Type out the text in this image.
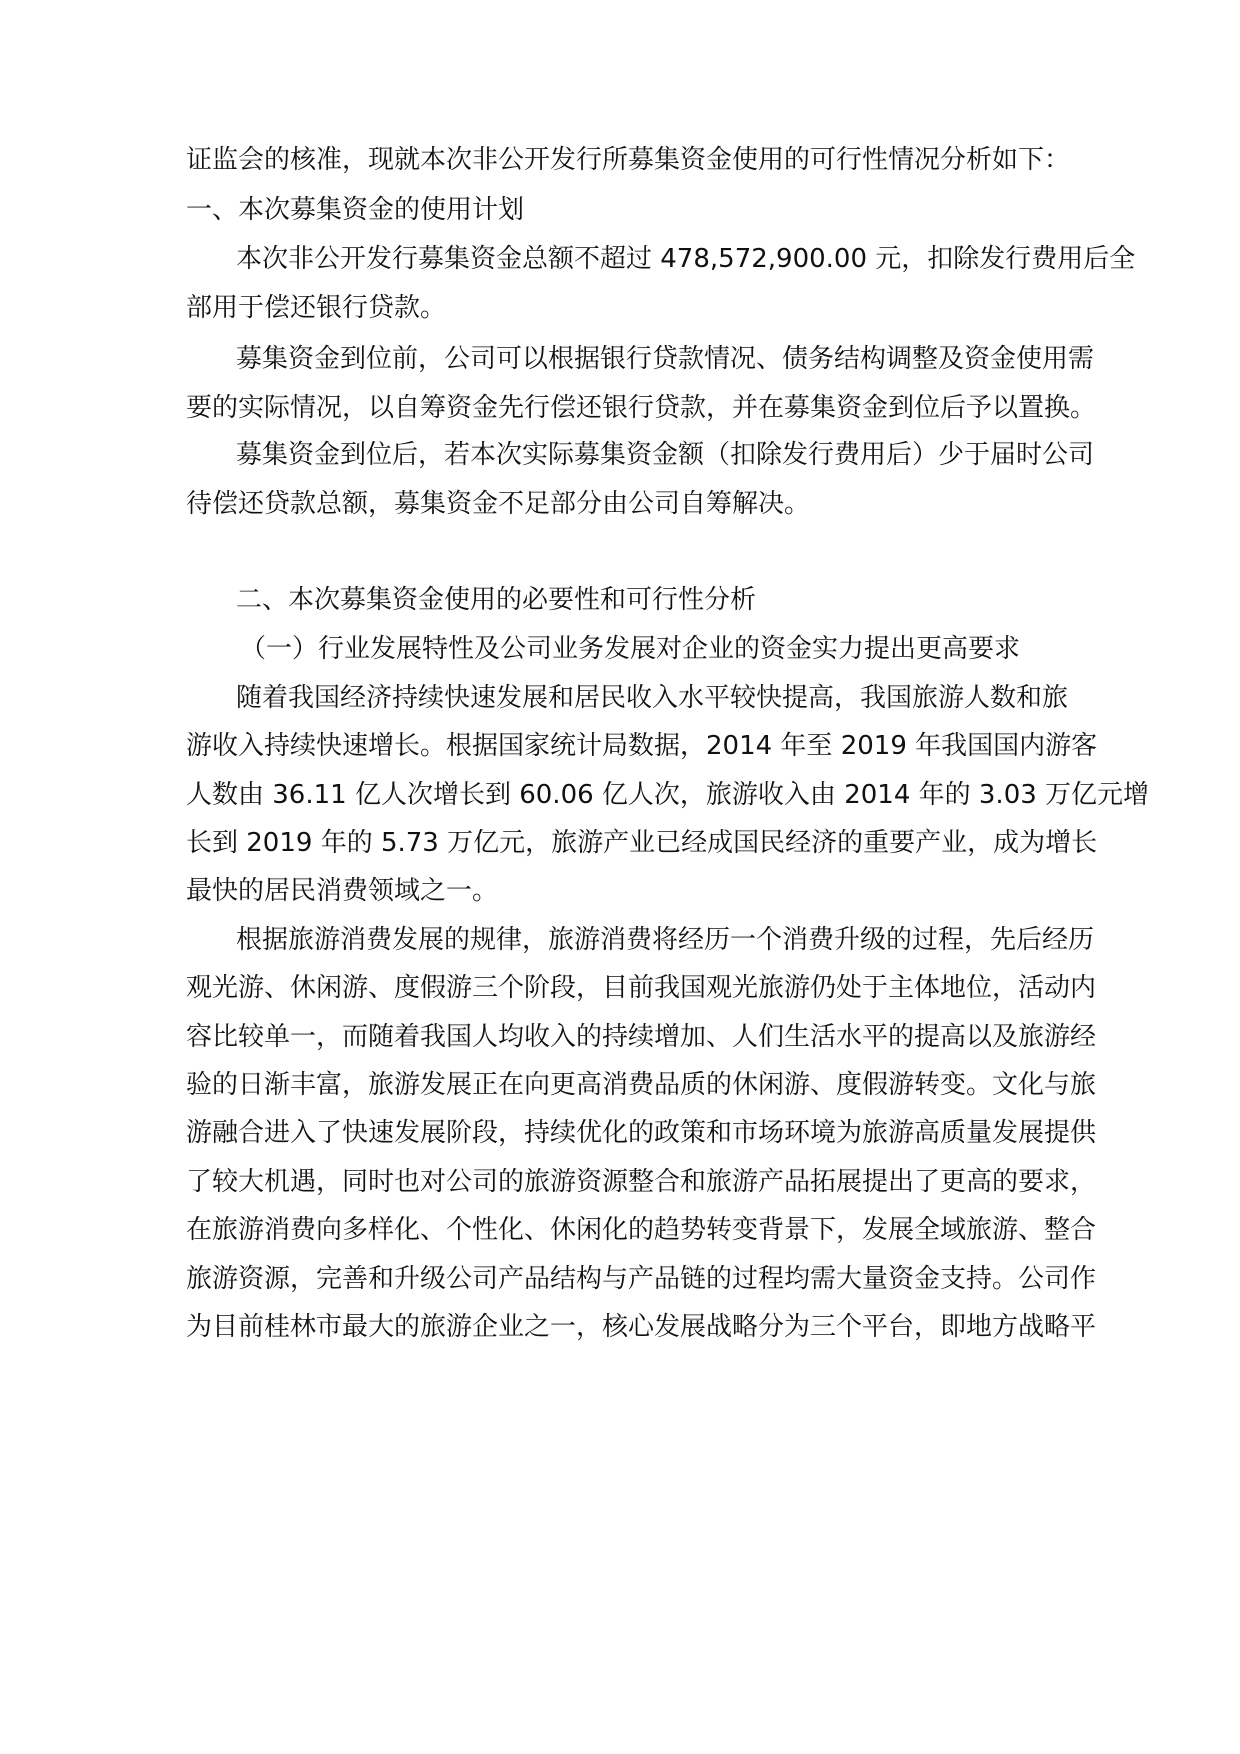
证监会的核准，现就本次非公开发行所募集资金使用的可行性情况分析如下：
一、本次募集资金的使用计划
本次非公开发行募集资金总额不超过 478,572,900.00 元，扣除发行费用后全
部用于偿还银行贷款。
募集资金到位前，公司可以根据银行贷款情况、债务结构调整及资金使用需
要的实际情况，以自筹资金先行偿还银行贷款，并在募集资金到位后予以置换。
募集资金到位后，若本次实际募集资金额（扣除发行费用后）少于届时公司
待偿还贷款总额，募集资金不足部分由公司自筹解决。
二、本次募集资金使用的必要性和可行性分析
（一）行业发展特性及公司业务发展对企业的资金实力提出更高要求
随着我国经济持续快速发展和居民收入水平较快提高，我国旅游人数和旅
游收入持续快速增长。根据国家统计局数据，2014 年至 2019 年我国国内游客
人数由 36.11 亿人次增长到 60.06 亿人次，旅游收入由 2014 年的 3.03 万亿元增
长到 2019 年的 5.73 万亿元，旅游产业已经成国民经济的重要产业，成为增长
最快的居民消费领域之一。
根据旅游消费发展的规律，旅游消费将经历一个消费升级的过程，先后经历
观光游、休闲游、度假游三个阶段，目前我国观光旅游仍处于主体地位，活动内
容比较单一，而随着我国人均收入的持续增加、人们生活水平的提高以及旅游经
验的日渐丰富，旅游发展正在向更高消费品质的休闲游、度假游转变。文化与旅
游融合进入了快速发展阶段，持续优化的政策和市场环境为旅游高质量发展提供
了较大机遇，同时也对公司的旅游资源整合和旅游产品拓展提出了更高的要求，
在旅游消费向多样化、个性化、休闲化的趋势转变背景下，发展全域旅游、整合
旅游资源，完善和升级公司产品结构与产品链的过程均需大量资金支持。公司作
为目前桂林市最大的旅游企业之一，核心发展战略分为三个平台，即地方战略平
